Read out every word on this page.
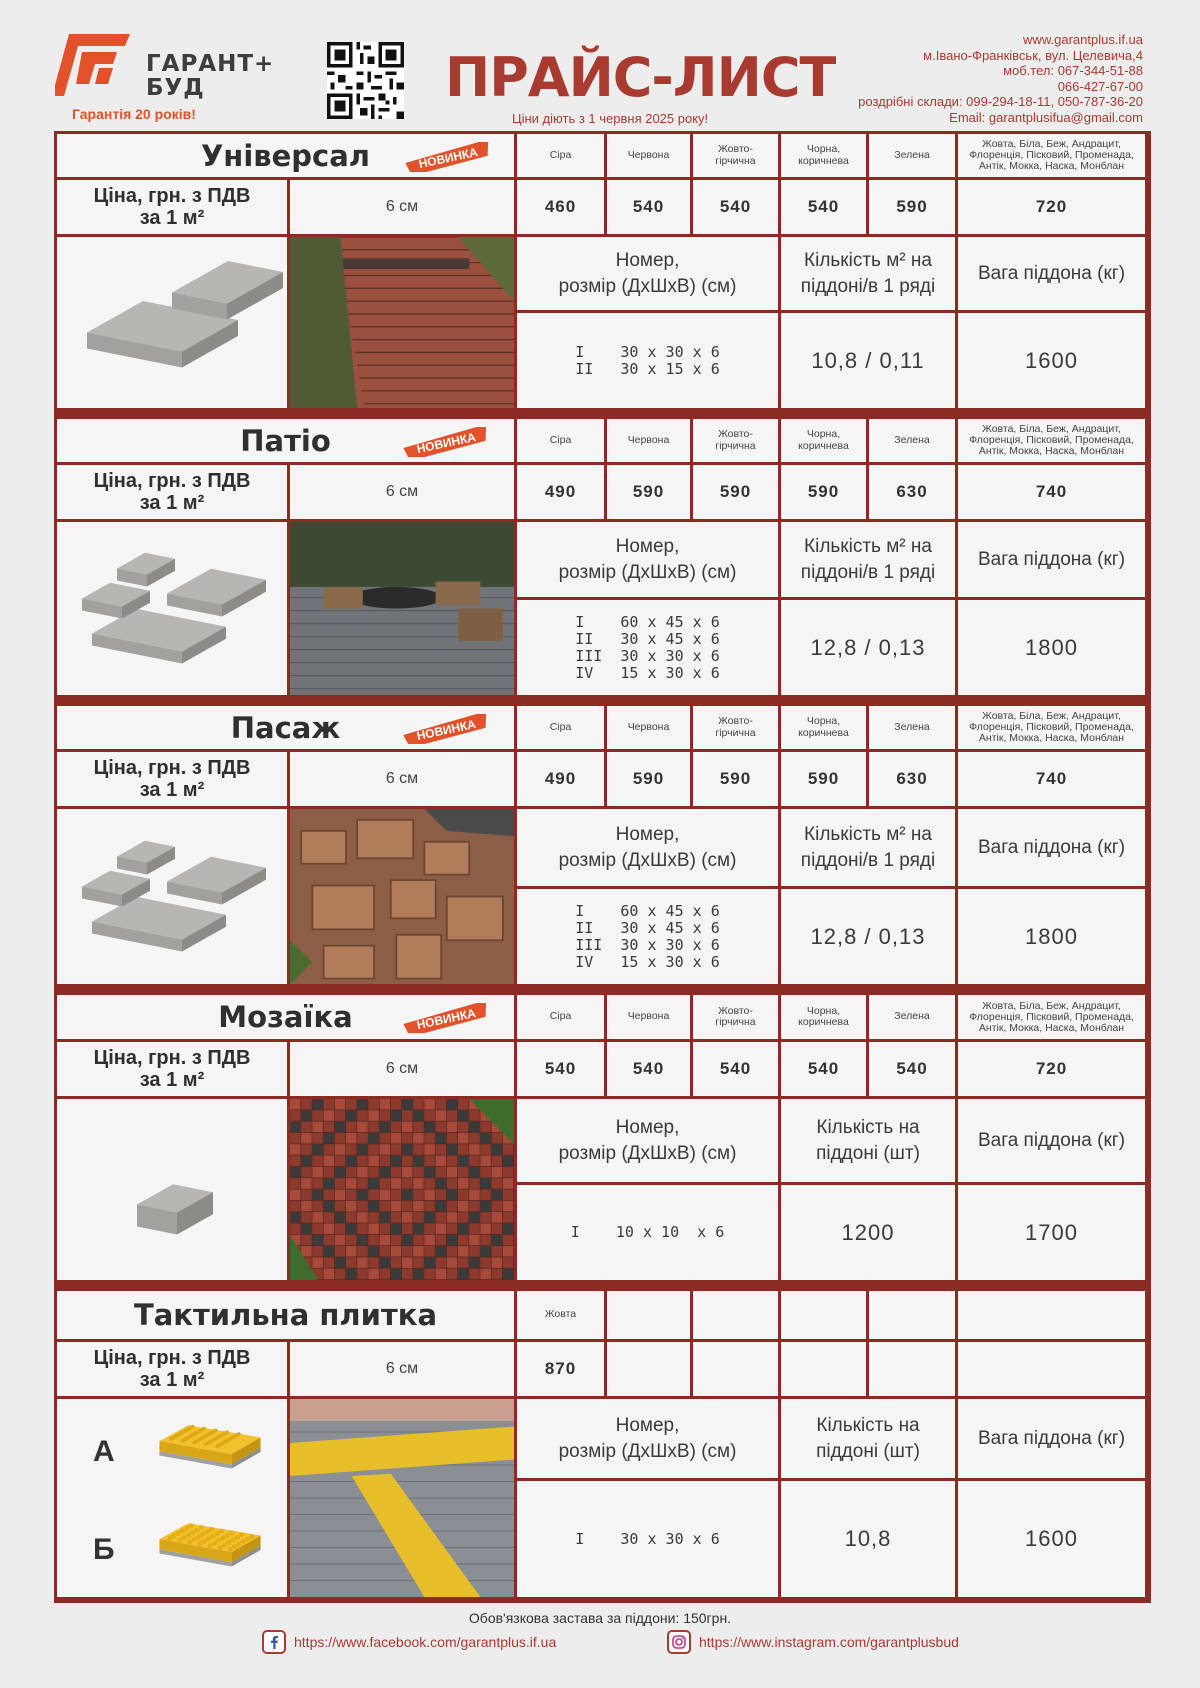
ГАРАНТ+
БУД
Гарантія 20 років!
ПРАЙС-ЛИСТ
Ціни діють з 1 червня 2025 року!
www.garantplus.if.ua
м.Івано-Франківськ, вул. Целевича,4
моб.тел: 067-344-51-88
066-427-67-00
роздрібні склади: 099-294-18-11, 050-787-36-20
Email: garantplusifua@gmail.com
Універсал	НОВИНКА	Сіра	Червона	Жовто-
гірчична
Чорна,
коричнева	Зелена
Жовта, Біла, Беж, Андрацит,
Флоренція, Пісковий, Променада,
Антік, Мокка, Наска, Монблан
Ціна, грн. з ПДВ
за 1 м²
6 см	460	540	540	540	590	720
Номер,
розмір (ДхШхВ) (см)
Кількість м² на
піддоні/в 1 ряді
Вага піддона (кг)
I    30 x 30 x 6
II   30 x 15 x 6	10,8 / 0,11	1600
Патіо	НОВИНКА	Сіра	Червона	Жовто-
гірчична
Чорна,
коричнева	Зелена
Жовта, Біла, Беж, Андрацит,
Флоренція, Пісковий, Променада,
Антік, Мокка, Наска, Монблан
Ціна, грн. з ПДВ
за 1 м²
6 см	490	590	590	590	630	740
Номер,
розмір (ДхШхВ) (см)
Кількість м² на
піддоні/в 1 ряді
Вага піддона (кг)
I    60 x 45 x 6
II   30 x 45 x 6
III  30 x 30 x 6
IV   15 x 30 x 6
12,8 / 0,13	1800
Пасаж	НОВИНКА	Сіра	Червона	Жовто-
гірчична
Чорна,
коричнева	Зелена
Жовта, Біла, Беж, Андрацит,
Флоренція, Пісковий, Променада,
Антік, Мокка, Наска, Монблан
Ціна, грн. з ПДВ
за 1 м²
6 см	490	590	590	590	630	740
Номер,
розмір (ДхШхВ) (см)
Кількість м² на
піддоні/в 1 ряді
Вага піддона (кг)
I    60 x 45 x 6
II   30 x 45 x 6
III  30 x 30 x 6
IV   15 x 30 x 6
12,8 / 0,13	1800
Мозаїка	НОВИНКА	Сіра	Червона	Жовто-
гірчична
Чорна,
коричнева	Зелена
Жовта, Біла, Беж, Андрацит,
Флоренція, Пісковий, Променада,
Антік, Мокка, Наска, Монблан
Ціна, грн. з ПДВ
за 1 м²
6 см	540	540	540	540	540	720
Номер,
розмір (ДхШхВ) (см)
Кількість на
піддоні (шт)
Вага піддона (кг)
I    10 x 10  x 6	1200	1700
Тактильна плитка	Жовта
Ціна, грн. з ПДВ
за 1 м²
6 см	870
А
Б
Номер,
розмір (ДхШхВ) (см)
Кількість на
піддоні (шт)
Вага піддона (кг)
I    30 x 30 x 6	10,8	1600
Обов'язкова застава за піддони: 150грн.
https://www.facebook.com/garantplus.if.ua	https://www.instagram.com/garantplusbud
